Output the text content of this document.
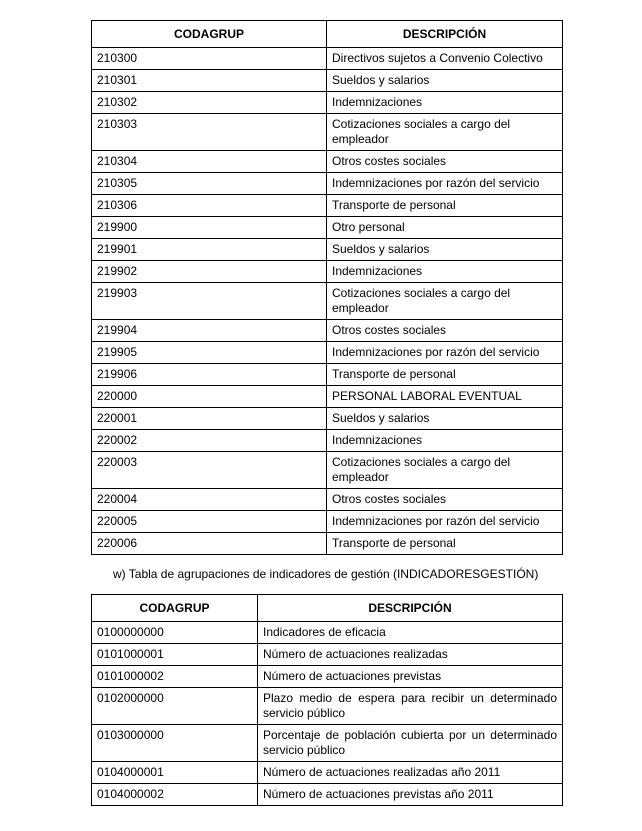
CODAGRUP	DESCRIPCIÓN
210300	Directivos sujetos a Convenio Colectivo
210301	Sueldos y salarios
210302	Indemnizaciones
210303	Cotizaciones sociales a cargo del empleador
210304	Otros costes sociales
210305	Indemnizaciones por razón del servicio
210306	Transporte de personal
219900	Otro personal
219901	Sueldos y salarios
219902	Indemnizaciones
219903	Cotizaciones sociales a cargo del empleador
219904	Otros costes sociales
219905	Indemnizaciones por razón del servicio
219906	Transporte de personal
220000	PERSONAL LABORAL EVENTUAL
220001	Sueldos y salarios
220002	Indemnizaciones
220003	Cotizaciones sociales a cargo del empleador
220004	Otros costes sociales
220005	Indemnizaciones por razón del servicio
220006	Transporte de personal
w) Tabla de agrupaciones de indicadores de gestión (INDICADORESGESTIÓN)
CODAGRUP	DESCRIPCIÓN
0100000000	Indicadores de eficacia
0101000001	Número de actuaciones realizadas
0101000002	Número de actuaciones previstas
0102000000	Plazo medio de espera para recibir un determinado servicio público
0103000000	Porcentaje de población cubierta por un determinado servicio público
0104000001	Número de actuaciones realizadas año 2011
0104000002	Número de actuaciones previstas año 2011
